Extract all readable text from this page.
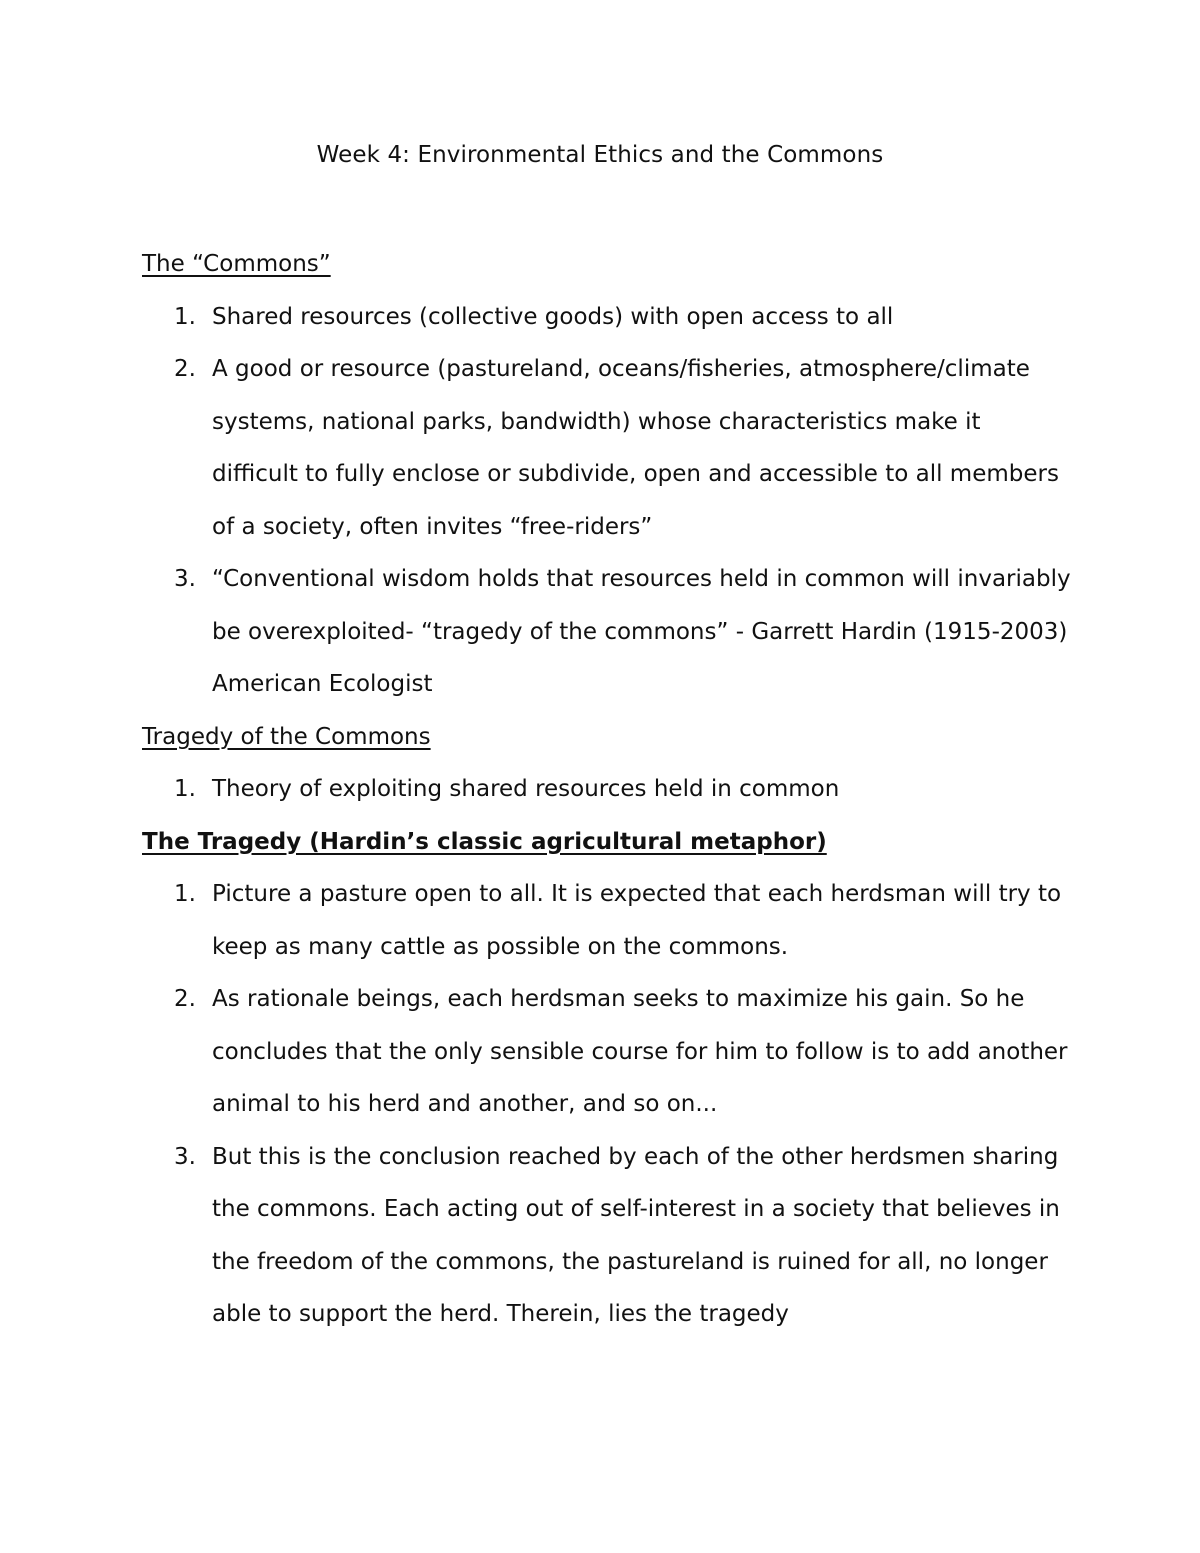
Week 4: Environmental Ethics and the Commons
The “Commons”
1. Shared resources (collective goods) with open access to all
2. A good or resource (pastureland, oceans/fisheries, atmosphere/climate systems, national parks, bandwidth) whose characteristics make it difficult to fully enclose or subdivide, open and accessible to all members of a society, often invites “free-riders”
3. “Conventional wisdom holds that resources held in common will invariably be overexploited- “tragedy of the commons” - Garrett Hardin (1915-2003) American Ecologist
Tragedy of the Commons
1. Theory of exploiting shared resources held in common
The Tragedy (Hardin’s classic agricultural metaphor)
1. Picture a pasture open to all. It is expected that each herdsman will try to keep as many cattle as possible on the commons.
2. As rationale beings, each herdsman seeks to maximize his gain. So he concludes that the only sensible course for him to follow is to add another animal to his herd and another, and so on...
3. But this is the conclusion reached by each of the other herdsmen sharing the commons. Each acting out of self-interest in a society that believes in the freedom of the commons, the pastureland is ruined for all, no longer able to support the herd. Therein, lies the tragedy
